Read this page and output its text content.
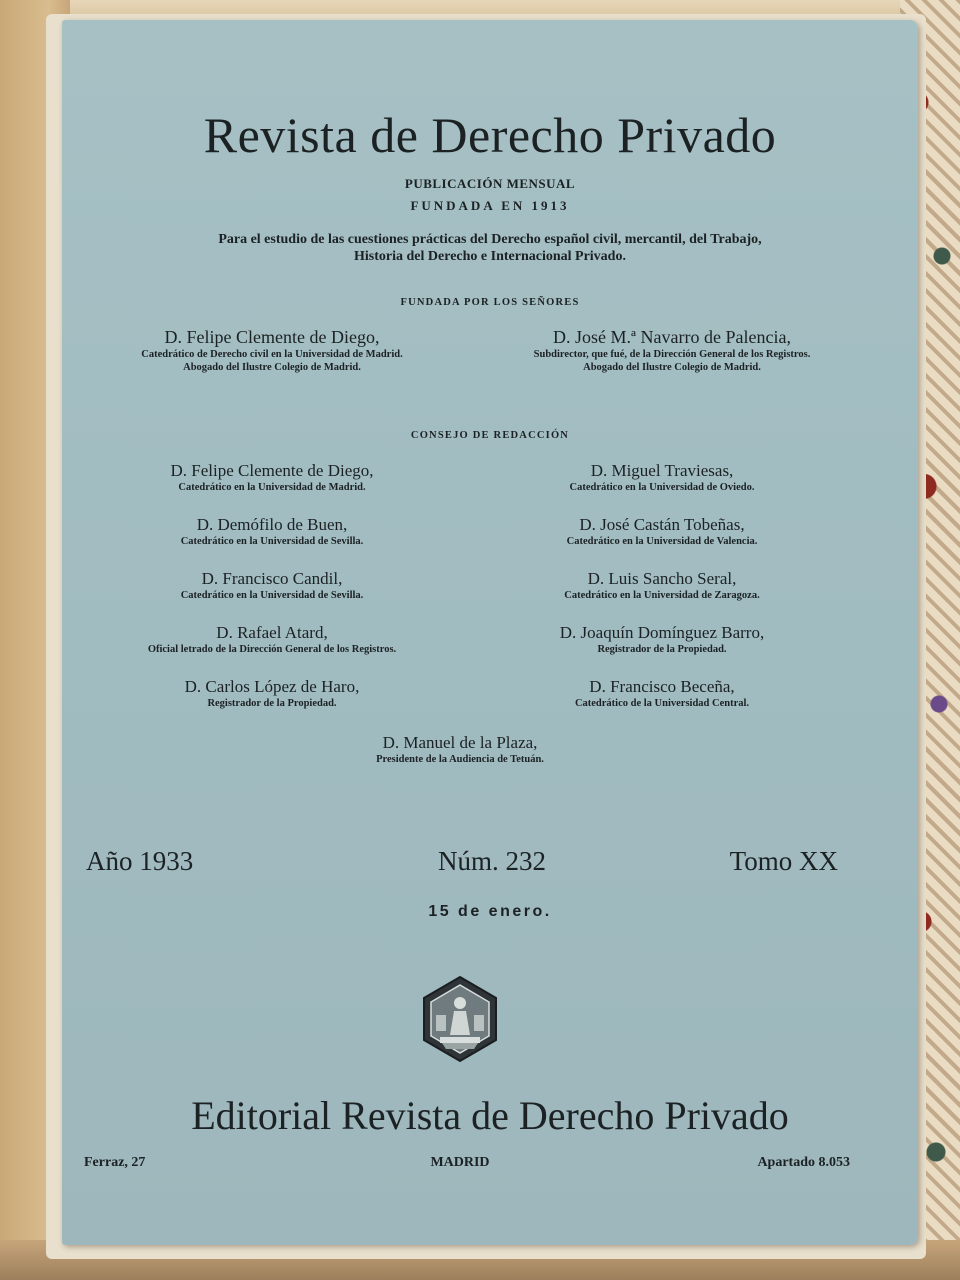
Revista de Derecho Privado
PUBLICACIÓN MENSUAL
FUNDADA EN 1913
Para el estudio de las cuestiones prácticas del Derecho español civil, mercantil, del Trabajo,
Historia del Derecho e Internacional Privado.
FUNDADA POR LOS SEÑORES
D. Felipe Clemente de Diego,
Catedrático de Derecho civil en la Universidad de Madrid.
Abogado del Ilustre Colegio de Madrid.
D. José M.ª Navarro de Palencia,
Subdirector, que fué, de la Dirección General de los Registros.
Abogado del Ilustre Colegio de Madrid.
CONSEJO DE REDACCIÓN
D. Felipe Clemente de Diego,
Catedrático en la Universidad de Madrid.
D. Demófilo de Buen,
Catedrático en la Universidad de Sevilla.
D. Francisco Candil,
Catedrático en la Universidad de Sevilla.
D. Rafael Atard,
Oficial letrado de la Dirección General de los Registros.
D. Carlos López de Haro,
Registrador de la Propiedad.
D. Miguel Traviesas,
Catedrático en la Universidad de Oviedo.
D. José Castán Tobeñas,
Catedrático en la Universidad de Valencia.
D. Luis Sancho Seral,
Catedrático en la Universidad de Zaragoza.
D. Joaquín Domínguez Barro,
Registrador de la Propiedad.
D. Francisco Beceña,
Catedrático de la Universidad Central.
D. Manuel de la Plaza,
Presidente de la Audiencia de Tetuán.
Año 1933	Núm. 232	Tomo XX
15 de enero.
Editorial Revista de Derecho Privado
Ferraz, 27	MADRID	Apartado 8.053
